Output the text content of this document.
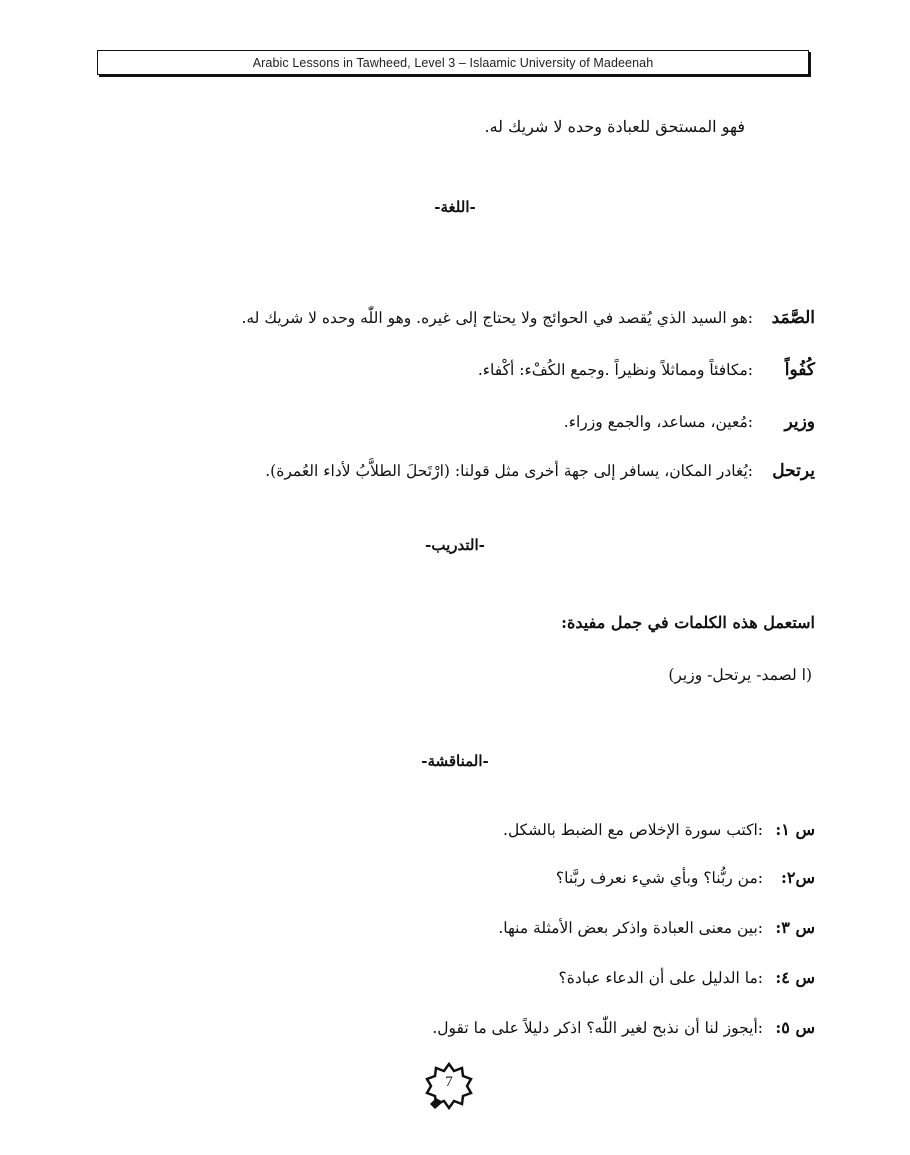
Arabic Lessons in Tawheed, Level 3 – Islaamic University of Madeenah
فهو المستحق للعبادة وحده لا شريك له.
-اللغة-
الصَّمَد
:هو السيد الذي يُقصد في الحوائج ولا يحتاج إلى غيره. وهو اللّٰه وحده لا شريك له.
كُفُواً
:مكافئاً ومماثلاً ونظيراً .وجمع الكُفْء: أكْفاء.
وزير
:مُعين، مساعد، والجمع وزراء.
يرتحل
:يُغادر المكان، يسافر إلى جهة أخرى مثل قولنا: (ارْتَحلَ الطلاَّبُ لأداء العُمرة).
-التدريب-
استعمل هذه الكلمات في جمل مفيدة:
(ا لصمد- يرتحل- وزير)
-المناقشة-
س ١:
:اكتب سورة الإخلاص مع الضبط بالشكل.
س٢:
:من ربُّنا؟ وبأي شيء نعرف ربَّنا؟
س ٣:
:بين معنى العبادة واذكر بعض الأمثلة منها.
س ٤:
:ما الدليل على أن الدعاء عبادة؟
س ٥:
:أيجوز لنا أن نذبح لغير اللّٰه؟ اذكر دليلاً على ما تقول.
7
